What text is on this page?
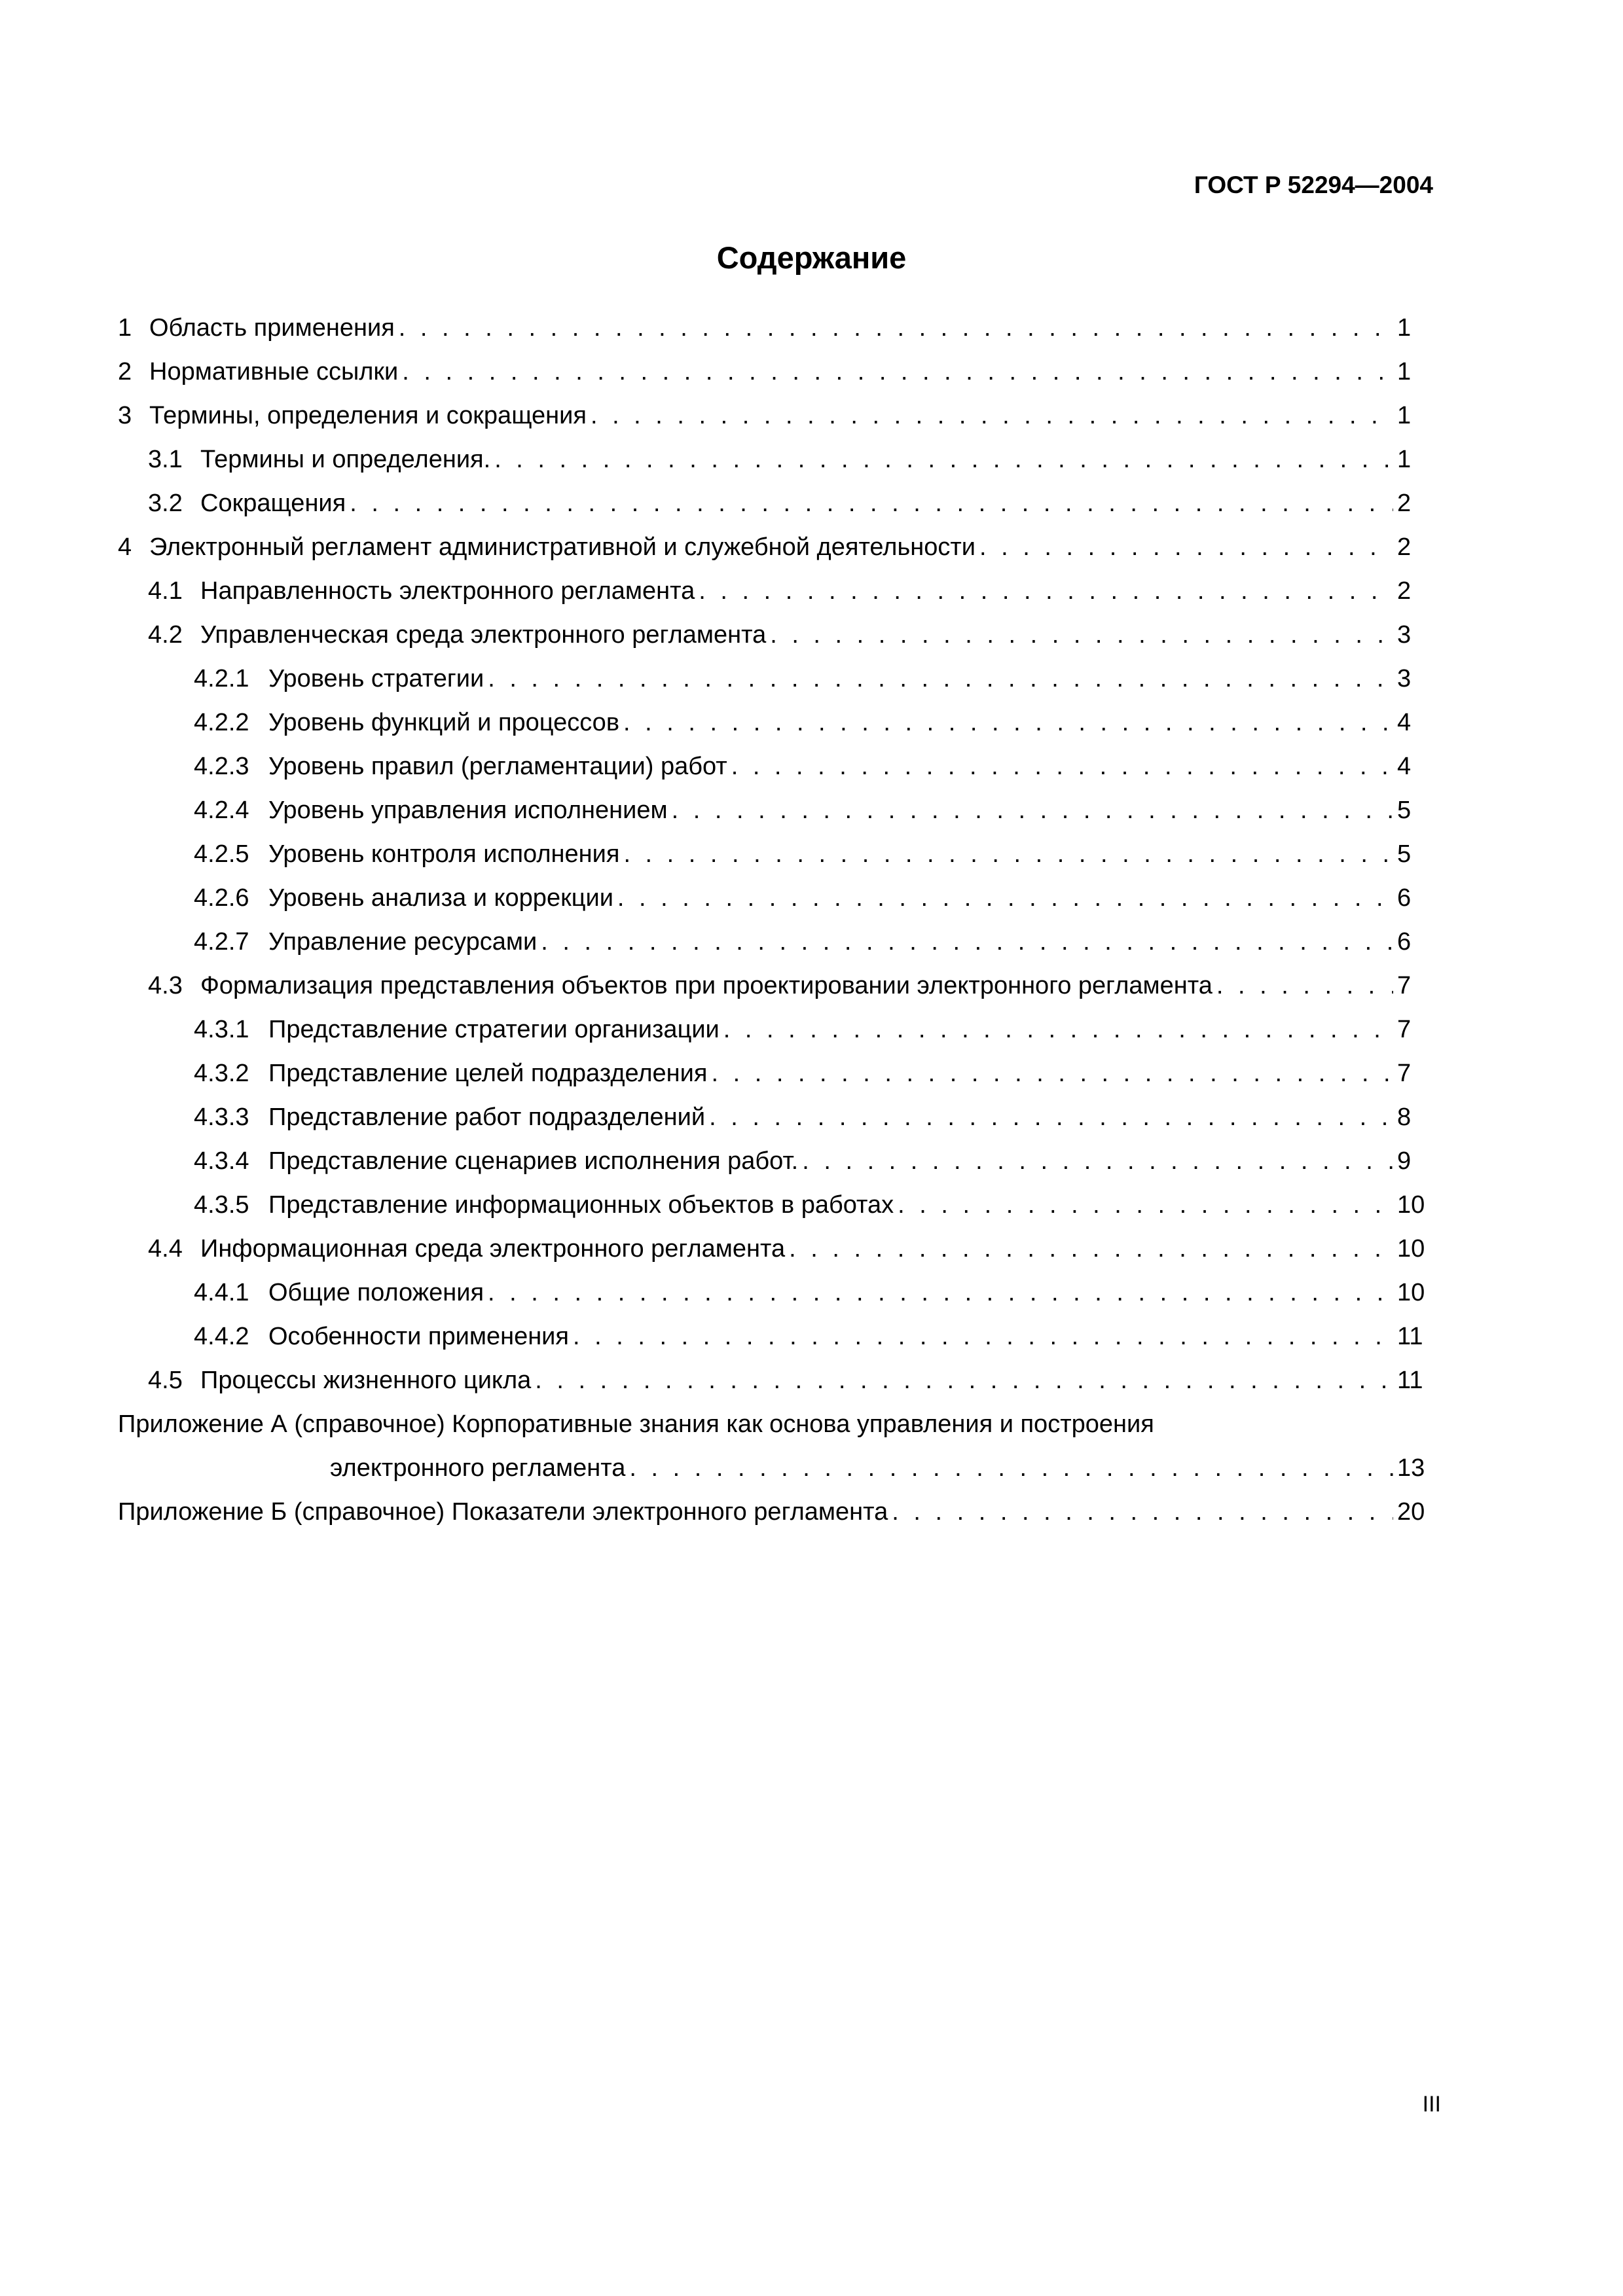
ГОСТ Р 52294—2004
Содержание
1 Область применения . . .	1
2 Нормативные ссылки . . .	1
3 Термины, определения и сокращения . . .	1
3.1 Термины и определения. . . .	1
3.2 Сокращения . . .	2
4 Электронный регламент административной и служебной деятельности . . .	2
4.1 Направленность электронного регламента . . .	2
4.2 Управленческая среда электронного регламента . . .	3
4.2.1 Уровень стратегии . . .	3
4.2.2 Уровень функций и процессов . . .	4
4.2.3 Уровень правил (регламентации) работ . . .	4
4.2.4 Уровень управления исполнением . . .	5
4.2.5 Уровень контроля исполнения . . .	5
4.2.6 Уровень анализа и коррекции . . .	6
4.2.7 Управление ресурсами . . .	6
4.3 Формализация представления объектов при проектировании электронного регламента . . .	7
4.3.1 Представление стратегии организации . . .	7
4.3.2 Представление целей подразделения . . .	7
4.3.3 Представление работ подразделений . . .	8
4.3.4 Представление сценариев исполнения работ. . . .	9
4.3.5 Представление информационных объектов в работах . . .	10
4.4 Информационная среда электронного регламента . . .	10
4.4.1 Общие положения . . .	10
4.4.2 Особенности применения . . .	11
4.5 Процессы жизненного цикла . . .	11
Приложение А (справочное) Корпоративные знания как основа управления и построения
электронного регламента . . .	13
Приложение Б (справочное) Показатели электронного регламента . . .	20
III
